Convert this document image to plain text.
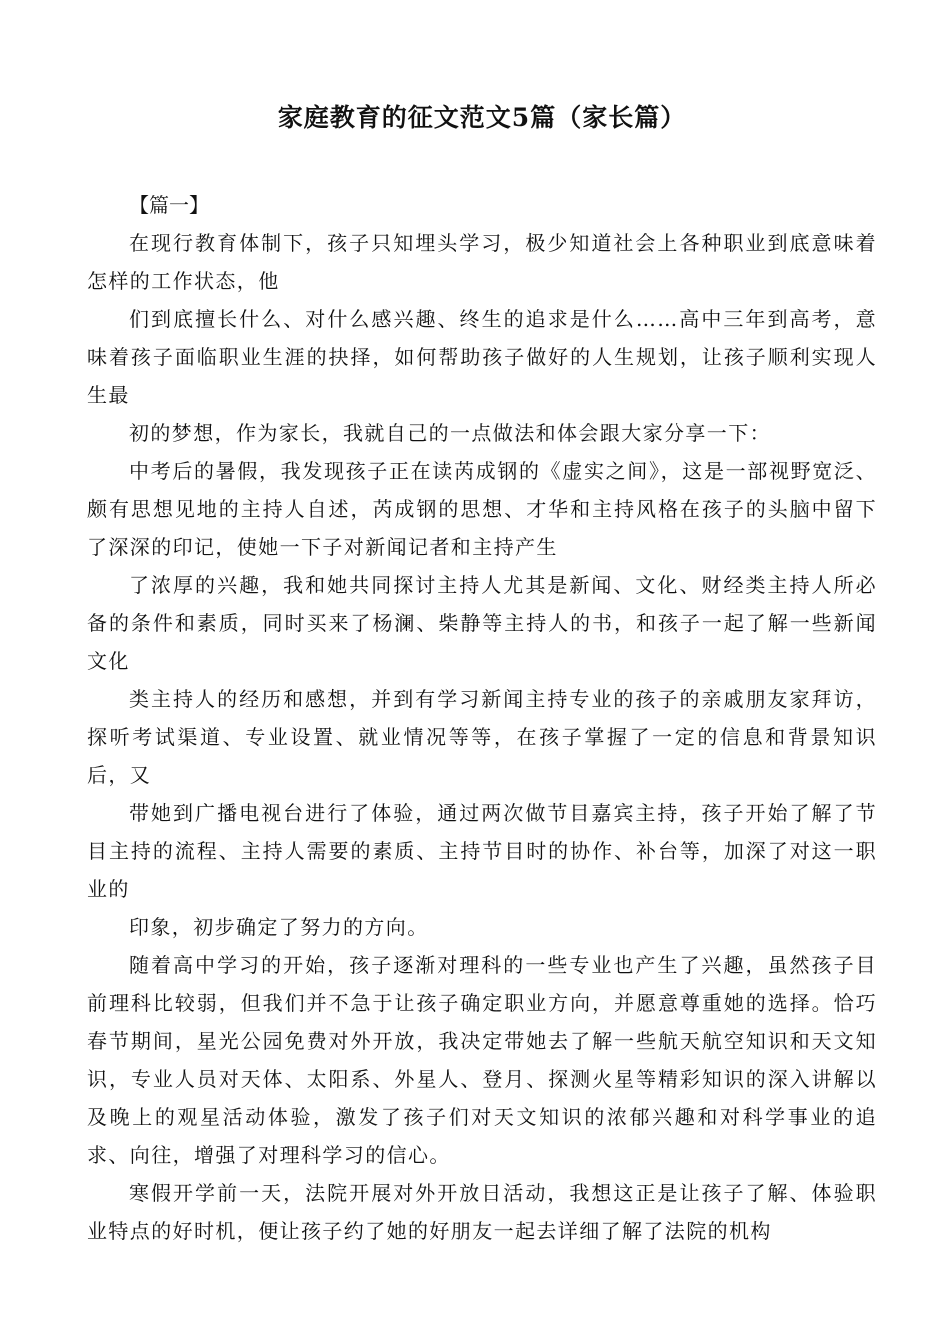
家庭教育的征文范文5篇（家长篇）
【篇一】

在现行教育体制下，孩子只知埋头学习，极少知道社会上各种职业到底意味着怎样的工作状态，他

们到底擅长什么、对什么感兴趣、终生的追求是什么……高中三年到高考，意味着孩子面临职业生涯的抉择，如何帮助孩子做好的人生规划，让孩子顺利实现人生最

初的梦想，作为家长，我就自己的一点做法和体会跟大家分享一下：

中考后的暑假，我发现孩子正在读芮成钢的《虚实之间》，这是一部视野宽泛、颇有思想见地的主持人自述，芮成钢的思想、才华和主持风格在孩子的头脑中留下了深深的印记，使她一下子对新闻记者和主持产生

了浓厚的兴趣，我和她共同探讨主持人尤其是新闻、文化、财经类主持人所必备的条件和素质，同时买来了杨澜、柴静等主持人的书，和孩子一起了解一些新闻文化

类主持人的经历和感想，并到有学习新闻主持专业的孩子的亲戚朋友家拜访，探听考试渠道、专业设置、就业情况等等，在孩子掌握了一定的信息和背景知识后，又

带她到广播电视台进行了体验，通过两次做节目嘉宾主持，孩子开始了解了节目主持的流程、主持人需要的素质、主持节目时的协作、补台等，加深了对这一职业的

印象，初步确定了努力的方向。

随着高中学习的开始，孩子逐渐对理科的一些专业也产生了兴趣，虽然孩子目前理科比较弱，但我们并不急于让孩子确定职业方向，并愿意尊重她的选择。恰巧春节期间，星光公园免费对外开放，我决定带她去了解一些航天航空知识和天文知识，专业人员对天体、太阳系、外星人、登月、探测火星等精彩知识的深入讲解以及晚上的观星活动体验，激发了孩子们对天文知识的浓郁兴趣和对科学事业的追求、向往，增强了对理科学习的信心。

寒假开学前一天，法院开展对外开放日活动，我想这正是让孩子了解、体验职业特点的好时机，便让孩子约了她的好朋友一起去详细了解了法院的机构
